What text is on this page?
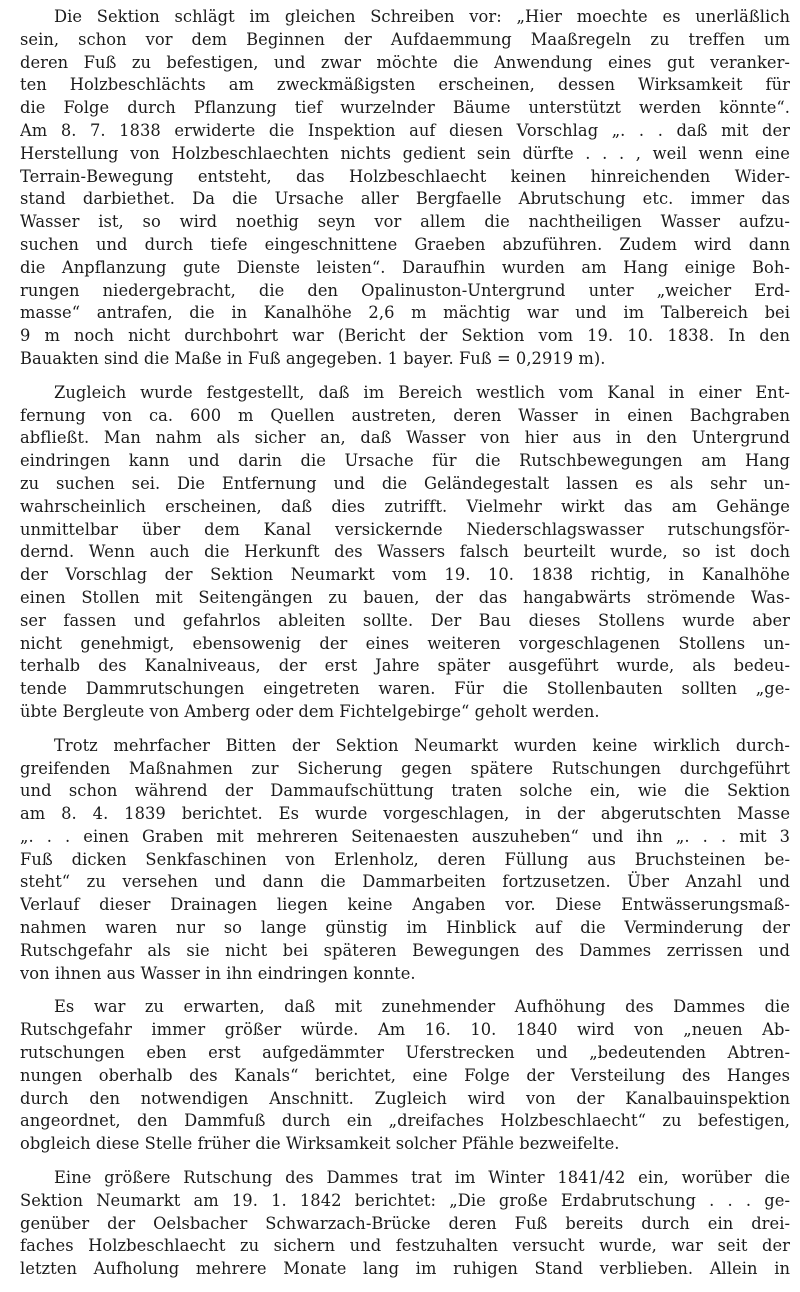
Die Sektion schlägt im gleichen Schreiben vor: „Hier moechte es unerläßlich
sein, schon vor dem Beginnen der Aufdaemmung Maaßregeln zu treffen um
deren Fuß zu befestigen, und zwar möchte die Anwendung eines gut veranker-
ten Holzbeschlächts am zweckmäßigsten erscheinen, dessen Wirksamkeit für
die Folge durch Pflanzung tief wurzelnder Bäume unterstützt werden könnte“.
Am 8. 7. 1838 erwiderte die Inspektion auf diesen Vorschlag „. . . daß mit der
Herstellung von Holzbeschlaechten nichts gedient sein dürfte . . . , weil wenn eine
Terrain-Bewegung entsteht, das Holzbeschlaecht keinen hinreichenden Wider-
stand darbiethet. Da die Ursache aller Bergfaelle Abrutschung etc. immer das
Wasser ist, so wird noethig seyn vor allem die nachtheiligen Wasser aufzu-
suchen und durch tiefe eingeschnittene Graeben abzuführen. Zudem wird dann
die Anpflanzung gute Dienste leisten“. Daraufhin wurden am Hang einige Boh-
rungen niedergebracht, die den Opalinuston-Untergrund unter „weicher Erd-
masse“ antrafen, die in Kanalhöhe 2,6 m mächtig war und im Talbereich bei
9 m noch nicht durchbohrt war (Bericht der Sektion vom 19. 10. 1838. In den
Bauakten sind die Maße in Fuß angegeben. 1 bayer. Fuß = 0,2919 m).
Zugleich wurde festgestellt, daß im Bereich westlich vom Kanal in einer Ent-
fernung von ca. 600 m Quellen austreten, deren Wasser in einen Bachgraben
abfließt. Man nahm als sicher an, daß Wasser von hier aus in den Untergrund
eindringen kann und darin die Ursache für die Rutschbewegungen am Hang
zu suchen sei. Die Entfernung und die Geländegestalt lassen es als sehr un-
wahrscheinlich erscheinen, daß dies zutrifft. Vielmehr wirkt das am Gehänge
unmittelbar über dem Kanal versickernde Niederschlagswasser rutschungsför-
dernd. Wenn auch die Herkunft des Wassers falsch beurteilt wurde, so ist doch
der Vorschlag der Sektion Neumarkt vom 19. 10. 1838 richtig, in Kanalhöhe
einen Stollen mit Seitengängen zu bauen, der das hangabwärts strömende Was-
ser fassen und gefahrlos ableiten sollte. Der Bau dieses Stollens wurde aber
nicht genehmigt, ebensowenig der eines weiteren vorgeschlagenen Stollens un-
terhalb des Kanalniveaus, der erst Jahre später ausgeführt wurde, als bedeu-
tende Dammrutschungen eingetreten waren. Für die Stollenbauten sollten „ge-
übte Bergleute von Amberg oder dem Fichtelgebirge“ geholt werden.
Trotz mehrfacher Bitten der Sektion Neumarkt wurden keine wirklich durch-
greifenden Maßnahmen zur Sicherung gegen spätere Rutschungen durchgeführt
und schon während der Dammaufschüttung traten solche ein, wie die Sektion
am 8. 4. 1839 berichtet. Es wurde vorgeschlagen, in der abgerutschten Masse
„. . . einen Graben mit mehreren Seitenaesten auszuheben“ und ihn „. . . mit 3
Fuß dicken Senkfaschinen von Erlenholz, deren Füllung aus Bruchsteinen be-
steht“ zu versehen und dann die Dammarbeiten fortzusetzen. Über Anzahl und
Verlauf dieser Drainagen liegen keine Angaben vor. Diese Entwässerungsmaß-
nahmen waren nur so lange günstig im Hinblick auf die Verminderung der
Rutschgefahr als sie nicht bei späteren Bewegungen des Dammes zerrissen und
von ihnen aus Wasser in ihn eindringen konnte.
Es war zu erwarten, daß mit zunehmender Aufhöhung des Dammes die
Rutschgefahr immer größer würde. Am 16. 10. 1840 wird von „neuen Ab-
rutschungen eben erst aufgedämmter Uferstrecken und „bedeutenden Abtren-
nungen oberhalb des Kanals“ berichtet, eine Folge der Versteilung des Hanges
durch den notwendigen Anschnitt. Zugleich wird von der Kanalbauinspektion
angeordnet, den Dammfuß durch ein „dreifaches Holzbeschlaecht“ zu befestigen,
obgleich diese Stelle früher die Wirksamkeit solcher Pfähle bezweifelte.
Eine größere Rutschung des Dammes trat im Winter 1841/42 ein, worüber die
Sektion Neumarkt am 19. 1. 1842 berichtet: „Die große Erdabrutschung . . . ge-
genüber der Oelsbacher Schwarzach-Brücke deren Fuß bereits durch ein drei-
faches Holzbeschlaecht zu sichern und festzuhalten versucht wurde, war seit der
letzten Aufholung mehrere Monate lang im ruhigen Stand verblieben. Allein in
